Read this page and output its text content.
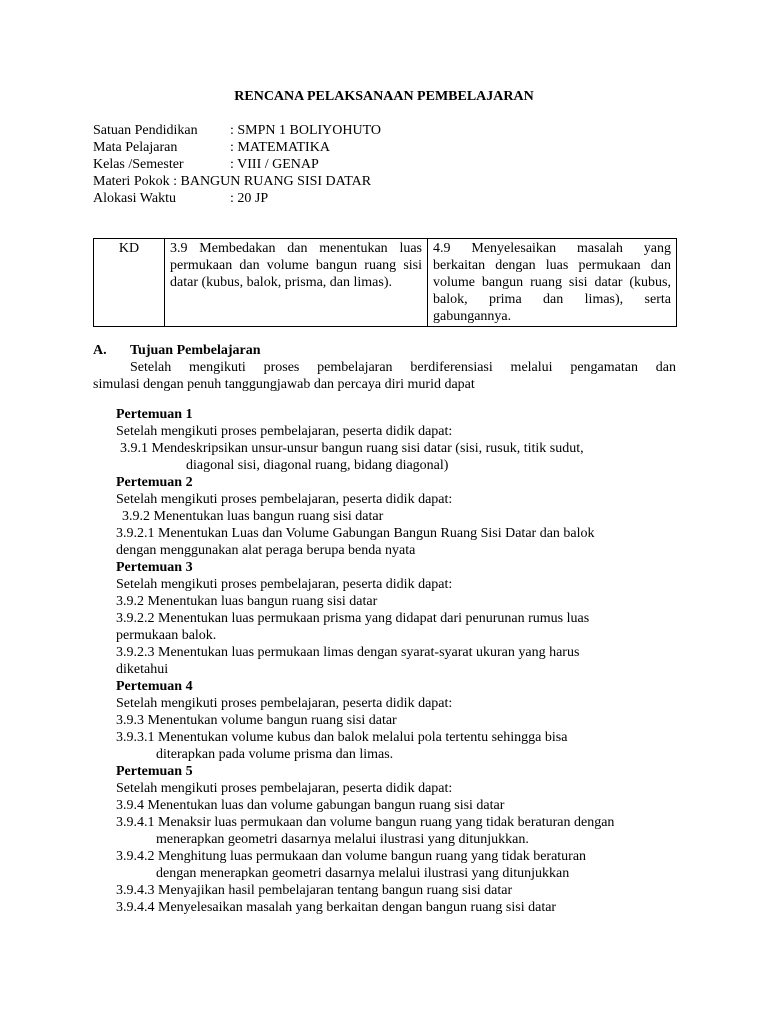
RENCANA PELAKSANAAN PEMBELAJARAN
Satuan Pendidikan : SMPN 1 BOLIYOHUTO
Mata Pelajaran	: MATEMATIKA
Kelas /Semester	: VIII / GENAP
Materi Pokok : BANGUN RUANG SISI DATAR
Alokasi Waktu	: 20 JP
KD	3.9 Membedakan dan menentukan luas permukaan dan volume bangun ruang sisi datar (kubus, balok, prisma, dan limas).	4.9 Menyelesaikan masalah yang berkaitan dengan luas permukaan dan volume bangun ruang sisi datar (kubus, balok, prima dan limas), serta gabungannya.
A. Tujuan Pembelajaran
Setelah mengikuti proses pembelajaran berdiferensiasi melalui pengamatan dan
simulasi dengan penuh tanggungjawab dan percaya diri murid dapat
Pertemuan 1
Setelah mengikuti proses pembelajaran, peserta didik dapat:
3.9.1 Mendeskripsikan unsur-unsur bangun ruang sisi datar (sisi, rusuk, titik sudut,
diagonal sisi, diagonal ruang, bidang diagonal)
Pertemuan 2
Setelah mengikuti proses pembelajaran, peserta didik dapat:
3.9.2 Menentukan luas bangun ruang sisi datar
3.9.2.1 Menentukan Luas dan Volume Gabungan Bangun Ruang Sisi Datar dan balok
dengan menggunakan alat peraga berupa benda nyata
Pertemuan 3
Setelah mengikuti proses pembelajaran, peserta didik dapat:
3.9.2 Menentukan luas bangun ruang sisi datar
3.9.2.2 Menentukan luas permukaan prisma yang didapat dari penurunan rumus luas
permukaan balok.
3.9.2.3 Menentukan luas permukaan limas dengan syarat-syarat ukuran yang harus
diketahui
Pertemuan 4
Setelah mengikuti proses pembelajaran, peserta didik dapat:
3.9.3 Menentukan volume bangun ruang sisi datar
3.9.3.1 Menentukan volume kubus dan balok melalui pola tertentu sehingga bisa
diterapkan pada volume prisma dan limas.
Pertemuan 5
Setelah mengikuti proses pembelajaran, peserta didik dapat:
3.9.4 Menentukan luas dan volume gabungan bangun ruang sisi datar
3.9.4.1 Menaksir luas permukaan dan volume bangun ruang yang tidak beraturan dengan
menerapkan geometri dasarnya melalui ilustrasi yang ditunjukkan.
3.9.4.2 Menghitung luas permukaan dan volume bangun ruang yang tidak beraturan
dengan menerapkan geometri dasarnya melalui ilustrasi yang ditunjukkan
3.9.4.3 Menyajikan hasil pembelajaran tentang bangun ruang sisi datar
3.9.4.4 Menyelesaikan masalah yang berkaitan dengan bangun ruang sisi datar
